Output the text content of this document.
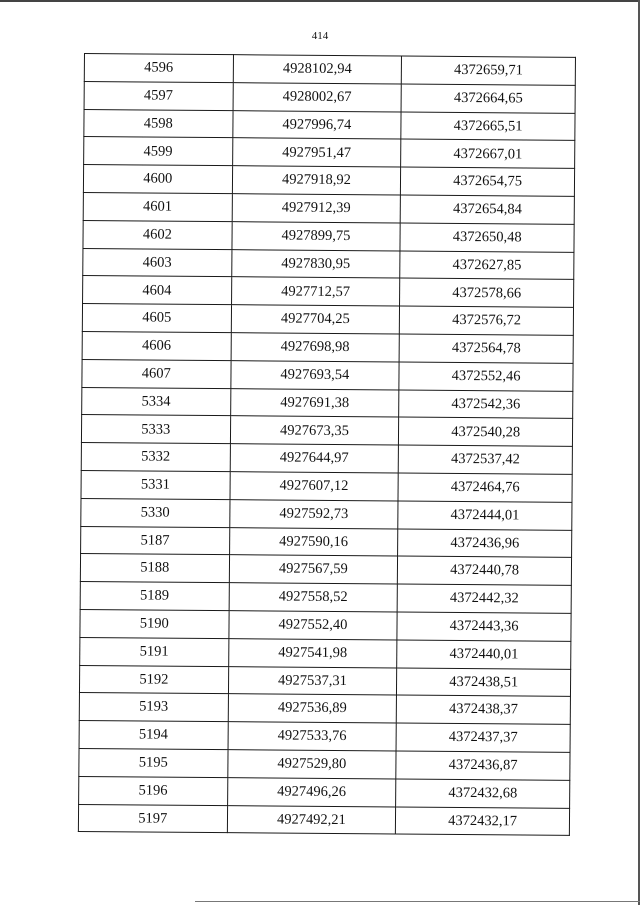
414
4596	4928102,94	4372659,71
4597	4928002,67	4372664,65
4598	4927996,74	4372665,51
4599	4927951,47	4372667,01
4600	4927918,92	4372654,75
4601	4927912,39	4372654,84
4602	4927899,75	4372650,48
4603	4927830,95	4372627,85
4604	4927712,57	4372578,66
4605	4927704,25	4372576,72
4606	4927698,98	4372564,78
4607	4927693,54	4372552,46
5334	4927691,38	4372542,36
5333	4927673,35	4372540,28
5332	4927644,97	4372537,42
5331	4927607,12	4372464,76
5330	4927592,73	4372444,01
5187	4927590,16	4372436,96
5188	4927567,59	4372440,78
5189	4927558,52	4372442,32
5190	4927552,40	4372443,36
5191	4927541,98	4372440,01
5192	4927537,31	4372438,51
5193	4927536,89	4372438,37
5194	4927533,76	4372437,37
5195	4927529,80	4372436,87
5196	4927496,26	4372432,68
5197	4927492,21	4372432,17
